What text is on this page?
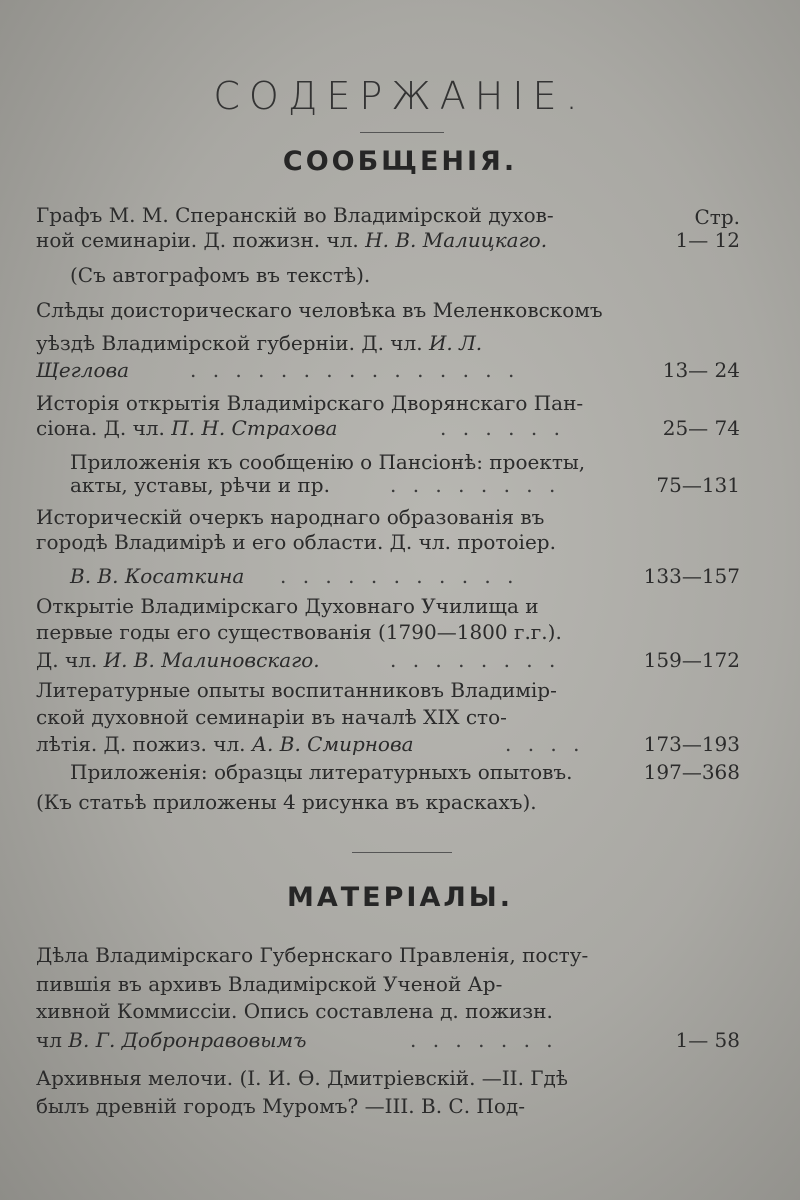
СОДЕРЖАНІЕ.
СООБЩЕНІЯ.
Стр.
Графъ М. М. Сперанскій во Владимірской духов-
ной семинаріи. Д. пожизн. чл. Н. В. Малицкаго.	1— 12
(Съ автографомъ въ текстѣ).
Слѣды доисторическаго человѣка въ Меленковскомъ
уѣздѣ Владимірской губерніи. Д. чл. И. Л.
Щеглова	. . . . . . . . . . . . . . .	13— 24
Исторія открытія Владимірскаго Дворянскаго Пан-
сіона. Д. чл. П. Н. Страхова	. . . . . .	25— 74
Приложенія къ сообщенію о Пансіонѣ: проекты,
акты, уставы, рѣчи и пр.	. . . . . . . .	75—131
Историческій очеркъ народнаго образованія въ
городѣ Владимірѣ и его области. Д. чл. протоіер.
В. В. Косаткина . . . . . . . . . . .	133—157
Открытіе Владимірскаго Духовнаго Училища и
первые годы его существованія (1790—1800 г.г.).
Д. чл. И. В. Малиновскаго.	. . . . . . . .	159—172
Литературные опыты воспитанниковъ Владимір-
ской духовной семинаріи въ началѣ XIX сто-
лѣтія. Д. пожиз. чл. А. В. Смирнова	. . . .	173—193
Приложенія: образцы литературныхъ опытовъ.	197—368
(Къ статьѣ приложены 4 рисунка въ краскахъ).
МАТЕРІАЛЫ.
Дѣла Владимірскаго Губернскаго Правленія, посту-
пившія въ архивъ Владимірской Ученой Ар-
хивной Коммиссіи. Опись составлена д. пожизн.
чл В. Г. Добронравовымъ	. . . . . . .	1— 58
Архивныя мелочи. (І. И. Ѳ. Дмитріевскій. —II. Гдѣ
былъ древній городъ Муромъ? —III. В. С. Под-
